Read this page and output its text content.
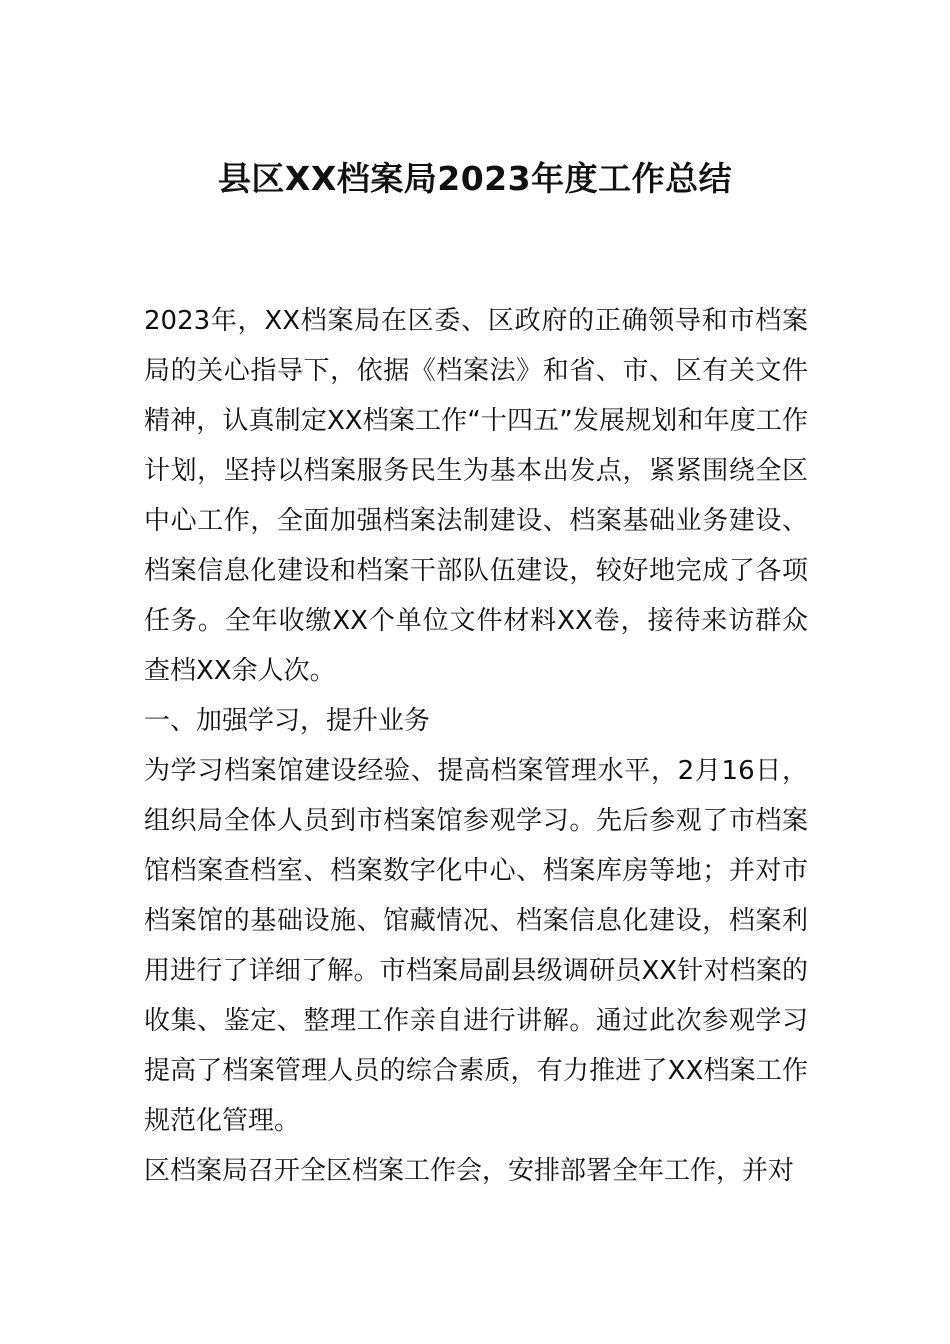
县区XX档案局2023年度工作总结

2023年，XX档案局在区委、区政府的正确领导和市档案局的关心指导下，依据《档案法》和省、市、区有关文件精神，认真制定XX档案工作“十四五”发展规划和年度工作计划，坚持以档案服务民生为基本出发点，紧紧围绕全区中心工作，全面加强档案法制建设、档案基础业务建设、档案信息化建设和档案干部队伍建设，较好地完成了各项任务。全年收缴XX个单位文件材料XX卷，接待来访群众查档XX余人次。

一、加强学习，提升业务

为学习档案馆建设经验、提高档案管理水平，2月16日，组织局全体人员到市档案馆参观学习。先后参观了市档案馆档案查档室、档案数字化中心、档案库房等地；并对市档案馆的基础设施、馆藏情况、档案信息化建设，档案利用进行了详细了解。市档案局副县级调研员XX针对档案的收集、鉴定、整理工作亲自进行讲解。通过此次参观学习提高了档案管理人员的综合素质，有力推进了XX档案工作规范化管理。

区档案局召开全区档案工作会，安排部署全年工作，并对
